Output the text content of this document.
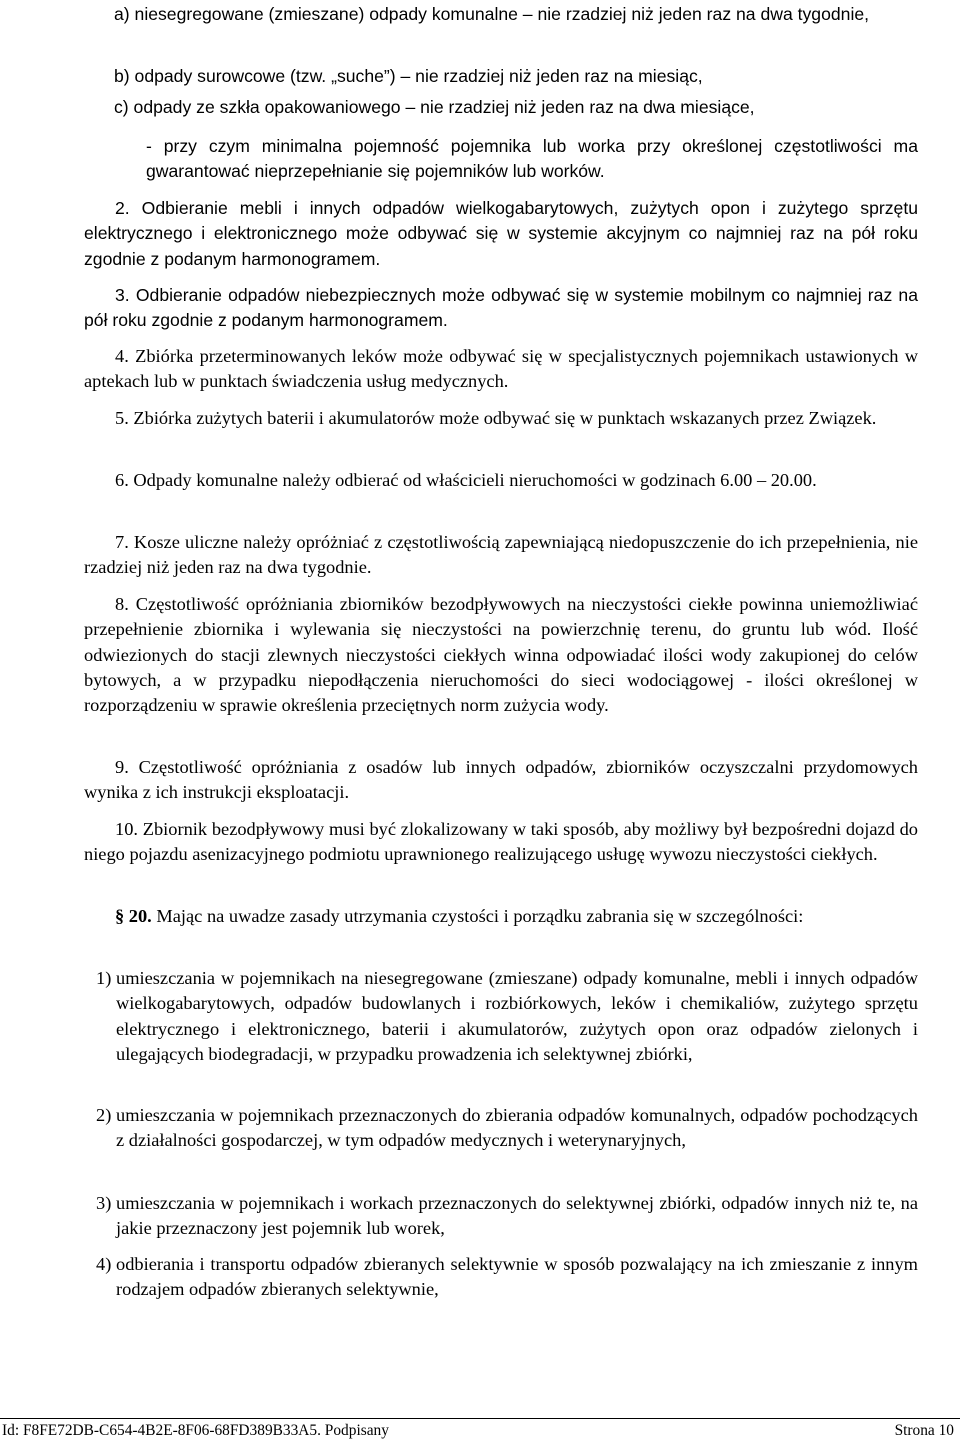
a) niesegregowane (zmieszane) odpady komunalne – nie rzadziej niż jeden raz na dwa tygodnie,

b) odpady surowcowe (tzw. „suche”) – nie rzadziej niż jeden raz na miesiąc,

c) odpady ze szkła opakowaniowego – nie rzadziej niż jeden raz na dwa miesiące,

- przy czym minimalna pojemność pojemnika lub worka przy określonej częstotliwości ma gwarantować nieprzepełnianie się pojemników lub worków.

2. Odbieranie mebli i innych odpadów wielkogabarytowych, zużytych opon i zużytego sprzętu elektrycznego i elektronicznego może odbywać się w systemie akcyjnym co najmniej raz na pół roku zgodnie z podanym harmonogramem.

3. Odbieranie odpadów niebezpiecznych może odbywać się w systemie mobilnym co najmniej raz na pół roku zgodnie z podanym harmonogramem.

4. Zbiórka przeterminowanych leków może odbywać się w specjalistycznych pojemnikach ustawionych w aptekach lub w punktach świadczenia usług medycznych.

5. Zbiórka zużytych baterii i akumulatorów może odbywać się w punktach wskazanych przez Związek.

6. Odpady komunalne należy odbierać od właścicieli nieruchomości w godzinach 6.00 – 20.00.

7. Kosze uliczne należy opróżniać z częstotliwością zapewniającą niedopuszczenie do ich przepełnienia, nie rzadziej niż jeden raz na dwa tygodnie.

8. Częstotliwość opróżniania zbiorników bezodpływowych na nieczystości ciekłe powinna uniemożliwiać przepełnienie zbiornika i wylewania się nieczystości na powierzchnię terenu, do gruntu lub wód. Ilość odwiezionych do stacji zlewnych nieczystości ciekłych winna odpowiadać ilości wody zakupionej do celów bytowych, a w przypadku niepodłączenia nieruchomości do sieci wodociągowej - ilości określonej w rozporządzeniu w sprawie określenia przeciętnych norm zużycia wody.

9. Częstotliwość opróżniania z osadów lub innych odpadów, zbiorników oczyszczalni przydomowych wynika z ich instrukcji eksploatacji.

10. Zbiornik bezodpływowy musi być zlokalizowany w taki sposób, aby możliwy był bezpośredni dojazd do niego pojazdu asenizacyjnego podmiotu uprawnionego realizującego usługę wywozu nieczystości ciekłych.

§ 20. Mając na uwadze zasady utrzymania czystości i porządku zabrania się w szczególności:

1) umieszczania w pojemnikach na niesegregowane (zmieszane) odpady komunalne, mebli i innych odpadów wielkogabarytowych, odpadów budowlanych i rozbiórkowych, leków i chemikaliów, zużytego sprzętu elektrycznego i elektronicznego, baterii i akumulatorów, zużytych opon oraz odpadów zielonych i ulegających biodegradacji, w przypadku prowadzenia ich selektywnej zbiórki,
2) umieszczania w pojemnikach przeznaczonych do zbierania odpadów komunalnych, odpadów pochodzących z działalności gospodarczej, w tym odpadów medycznych i weterynaryjnych,
3) umieszczania w pojemnikach i workach przeznaczonych do selektywnej zbiórki, odpadów innych niż te, na jakie przeznaczony jest pojemnik lub worek,
4) odbierania i transportu odpadów zbieranych selektywnie w sposób pozwalający na ich zmieszanie z innym rodzajem odpadów zbieranych selektywnie,
Id: F8FE72DB-C654-4B2E-8F06-68FD389B33A5. Podpisany	Strona 10
